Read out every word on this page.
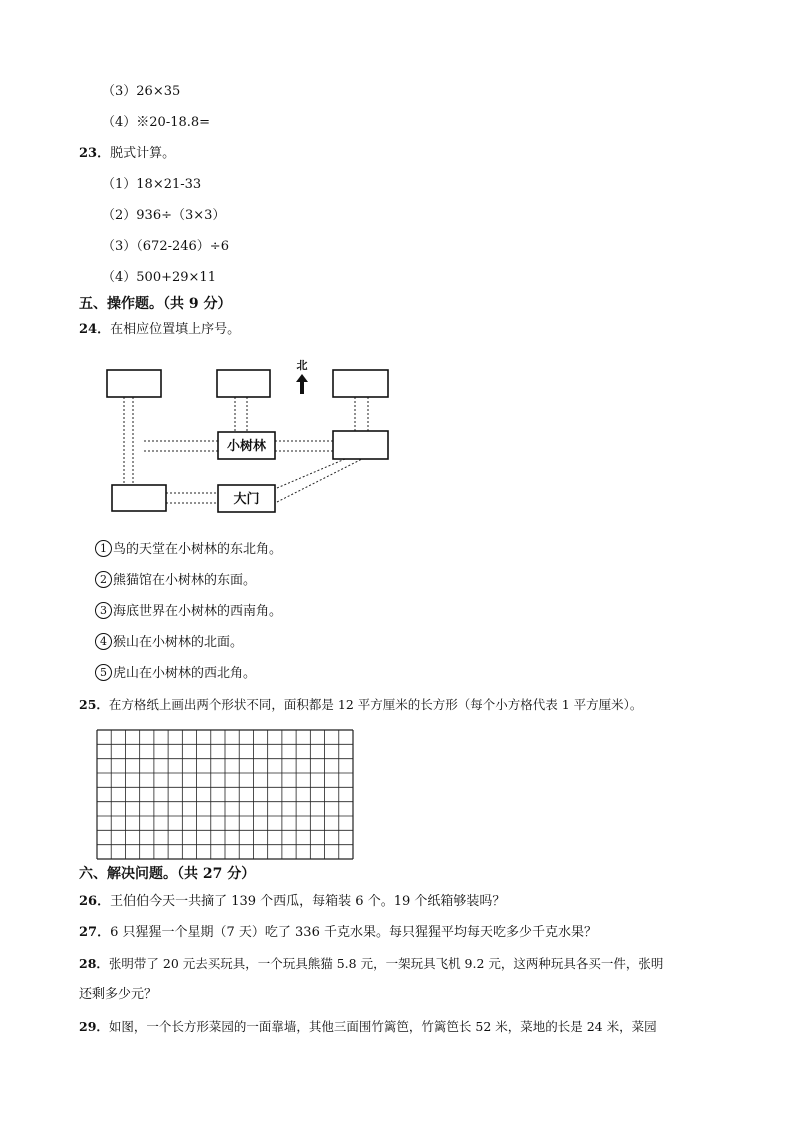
（3）26×35
（4）※20-18.8=
23．脱式计算。
（1）18×21-33
（2）936÷（3×3）
（3）（672-246）÷6
（4）500+29×11
五、操作题。（共 9 分）
24．在相应位置填上序号。
小树林
大门
北
1 鸟的天堂在小树林的东北角。
2 熊猫馆在小树林的东面。
3 海底世界在小树林的西南角。
4 猴山在小树林的北面。
5 虎山在小树林的西北角。
25．在方格纸上画出两个形状不同，面积都是 12 平方厘米的长方形（每个小方格代表 1 平方厘米）。
六、解决问题。（共 27 分）
26．王伯伯今天一共摘了 139 个西瓜，每箱装 6 个。19 个纸箱够装吗？
27．6 只猩猩一个星期（7 天）吃了 336 千克水果。每只猩猩平均每天吃多少千克水果？
28．张明带了 20 元去买玩具，一个玩具熊猫 5.8 元，一架玩具飞机 9.2 元，这两种玩具各买一件，张明
还剩多少元？
29．如图，一个长方形菜园的一面靠墙，其他三面围竹篱笆，竹篱笆长 52 米，菜地的长是 24 米，菜园
